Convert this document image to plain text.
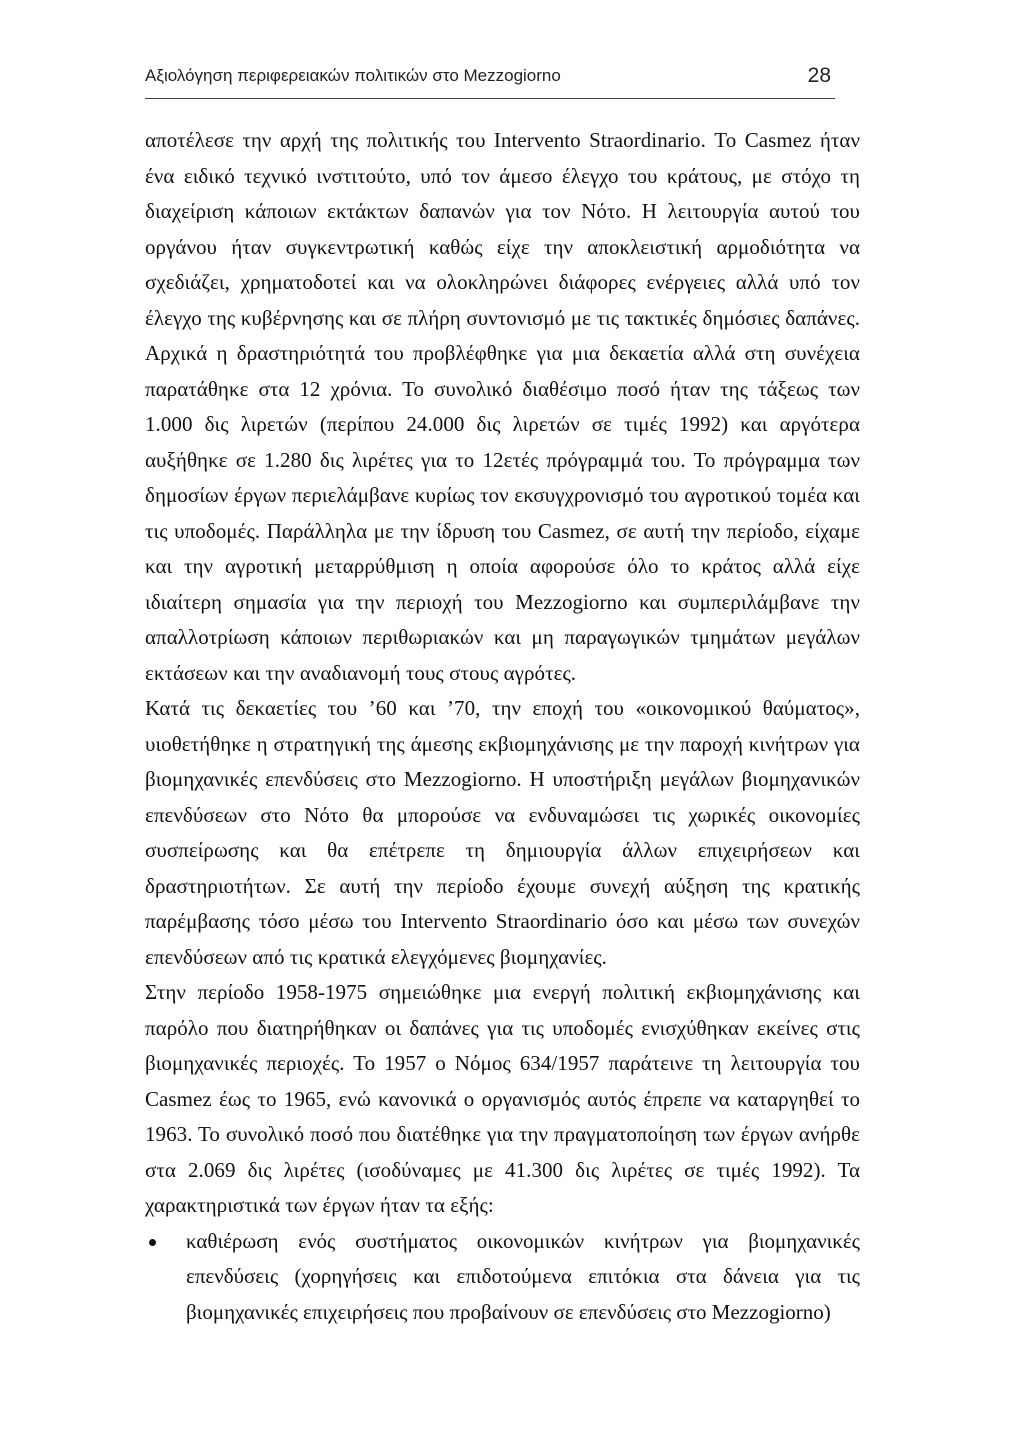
Αξιολόγηση περιφερειακών πολιτικών στο Mezzogiorno	28

αποτέλεσε την αρχή της πολιτικής του Intervento Straordinario. Το Casmez ήταν ένα ειδικό τεχνικό ινστιτούτο, υπό τον άμεσο έλεγχο του κράτους, με στόχο τη διαχείριση κάποιων εκτάκτων δαπανών για τον Νότο. Η λειτουργία αυτού του οργάνου ήταν συγκεντρωτική καθώς είχε την αποκλειστική αρμοδιότητα να σχεδιάζει, χρηματοδοτεί και να ολοκληρώνει διάφορες ενέργειες αλλά υπό τον έλεγχο της κυβέρνησης και σε πλήρη συντονισμό με τις τακτικές δημόσιες δαπάνες. Αρχικά η δραστηριότητά του προβλέφθηκε για μια δεκαετία αλλά στη συνέχεια παρατάθηκε στα 12 χρόνια. Το συνολικό διαθέσιμο ποσό ήταν της τάξεως των 1.000 δις λιρετών (περίπου 24.000 δις λιρετών σε τιμές 1992) και αργότερα αυξήθηκε σε 1.280 δις λιρέτες για το 12ετές πρόγραμμά του. Το πρόγραμμα των δημοσίων έργων περιελάμβανε κυρίως τον εκσυγχρονισμό του αγροτικού τομέα και τις υποδομές. Παράλληλα με την ίδρυση του Casmez, σε αυτή την περίοδο, είχαμε και την αγροτική μεταρρύθμιση η οποία αφορούσε όλο το κράτος αλλά είχε ιδιαίτερη σημασία για την περιοχή του Mezzogiorno και συμπεριλάμβανε την απαλλοτρίωση κάποιων περιθωριακών και μη παραγωγικών τμημάτων μεγάλων εκτάσεων και την αναδιανομή τους στους αγρότες.

Κατά τις δεκαετίες του ’60 και ’70, την εποχή του «οικονομικού θαύματος», υιοθετήθηκε η στρατηγική της άμεσης εκβιομηχάνισης με την παροχή κινήτρων για βιομηχανικές επενδύσεις στο Mezzogiorno. Η υποστήριξη μεγάλων βιομηχανικών επενδύσεων στο Νότο θα μπορούσε να ενδυναμώσει τις χωρικές οικονομίες συσπείρωσης και θα επέτρεπε τη δημιουργία άλλων επιχειρήσεων και δραστηριοτήτων. Σε αυτή την περίοδο έχουμε συνεχή αύξηση της κρατικής παρέμβασης τόσο μέσω του Intervento Straordinario όσο και μέσω των συνεχών επενδύσεων από τις κρατικά ελεγχόμενες βιομηχανίες.

Στην περίοδο 1958-1975 σημειώθηκε μια ενεργή πολιτική εκβιομηχάνισης και παρόλο που διατηρήθηκαν οι δαπάνες για τις υποδομές ενισχύθηκαν εκείνες στις βιομηχανικές περιοχές. Το 1957 ο Νόμος 634/1957 παράτεινε τη λειτουργία του Casmez έως το 1965, ενώ κανονικά ο οργανισμός αυτός έπρεπε να καταργηθεί το 1963. Το συνολικό ποσό που διατέθηκε για την πραγματοποίηση των έργων ανήρθε στα 2.069 δις λιρέτες (ισοδύναμες με 41.300 δις λιρέτες σε τιμές 1992). Τα χαρακτηριστικά των έργων ήταν τα εξής:

καθιέρωση ενός συστήματος οικονομικών κινήτρων για βιομηχανικές επενδύσεις (χορηγήσεις και επιδοτούμενα επιτόκια στα δάνεια για τις βιομηχανικές επιχειρήσεις που προβαίνουν σε επενδύσεις στο Mezzogiorno)
